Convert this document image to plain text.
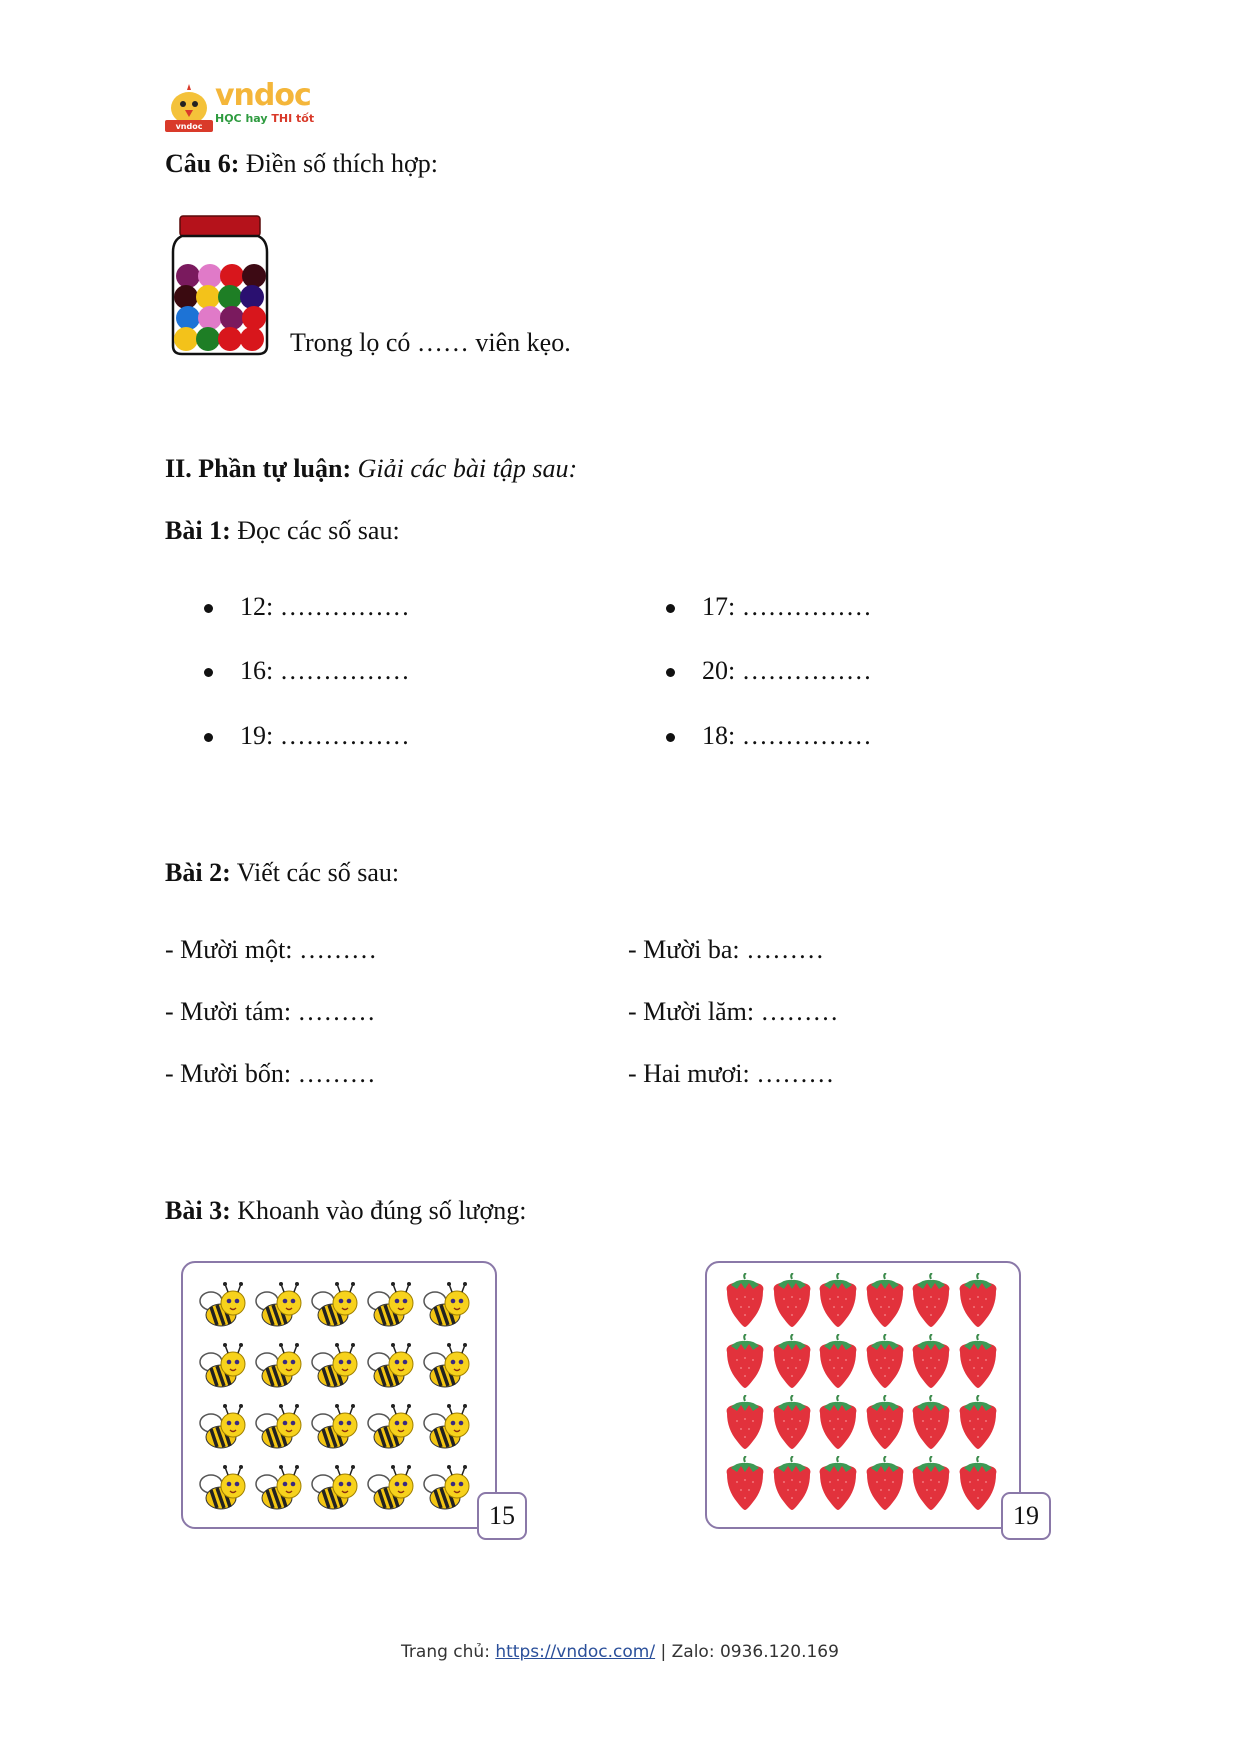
vndoc
vndoc
HỌC hay THI tốt
Câu 6: Điền số thích hợp:
Trong lọ có …… viên kẹo.
II. Phần tự luận: Giải các bài tập sau:
Bài 1: Đọc các số sau:
12: ……………	17: ……………
16: ……………	20: ……………
19: ……………	18: ……………
Bài 2: Viết các số sau:
- Mười một: ………	- Mười ba: ………
- Mười tám: ………	- Mười lăm: ………
- Mười bốn: ………	- Hai mươi: ………
Bài 3: Khoanh vào đúng số lượng:
15	19
Trang chủ: https://vndoc.com/ | Zalo: 0936.120.169
